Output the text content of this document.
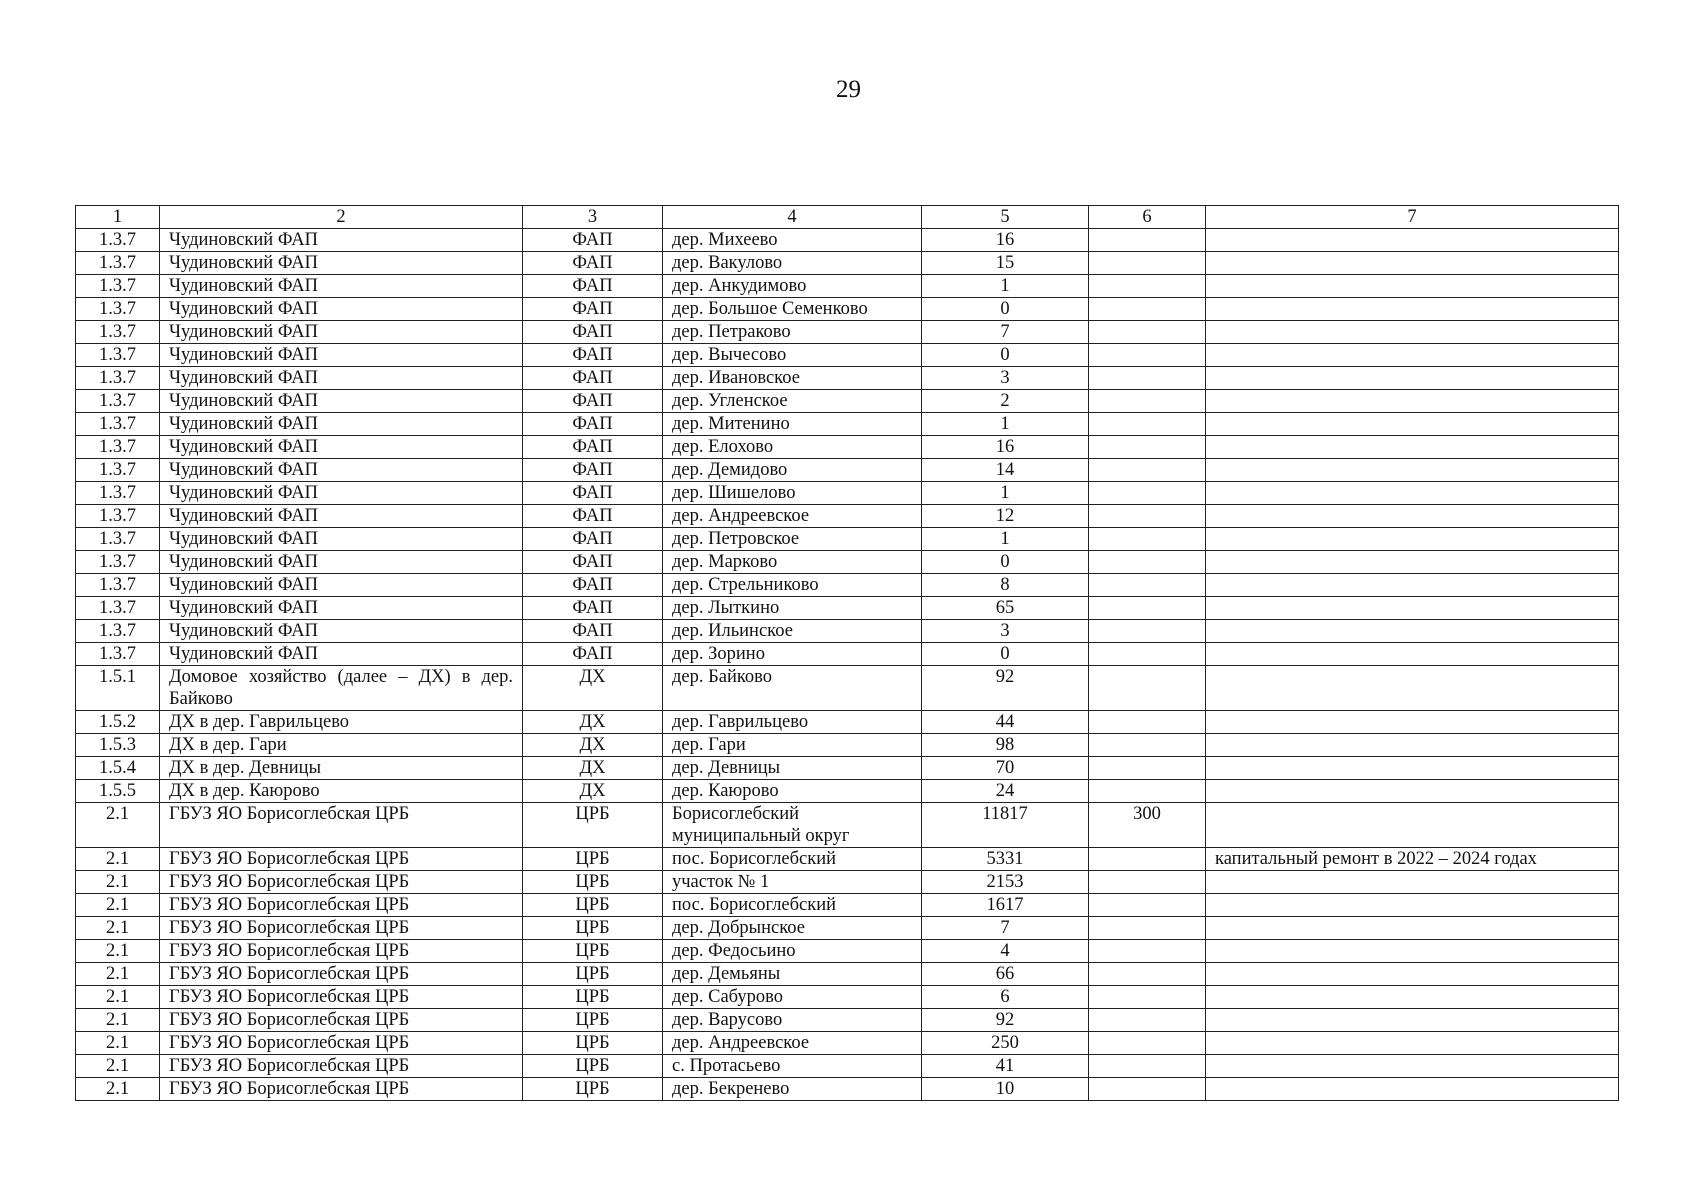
29
1	2	3	4	5	6	7
1.3.7	Чудиновский ФАП	ФАП	дер. Михеево	16		
1.3.7	Чудиновский ФАП	ФАП	дер. Вакулово	15		
1.3.7	Чудиновский ФАП	ФАП	дер. Анкудимово	1		
1.3.7	Чудиновский ФАП	ФАП	дер. Большое Семенково	0		
1.3.7	Чудиновский ФАП	ФАП	дер. Петраково	7		
1.3.7	Чудиновский ФАП	ФАП	дер. Вычесово	0		
1.3.7	Чудиновский ФАП	ФАП	дер. Ивановское	3		
1.3.7	Чудиновский ФАП	ФАП	дер. Угленское	2		
1.3.7	Чудиновский ФАП	ФАП	дер. Митенино	1		
1.3.7	Чудиновский ФАП	ФАП	дер. Елохово	16		
1.3.7	Чудиновский ФАП	ФАП	дер. Демидово	14		
1.3.7	Чудиновский ФАП	ФАП	дер. Шишелово	1		
1.3.7	Чудиновский ФАП	ФАП	дер. Андреевское	12		
1.3.7	Чудиновский ФАП	ФАП	дер. Петровское	1		
1.3.7	Чудиновский ФАП	ФАП	дер. Марково	0		
1.3.7	Чудиновский ФАП	ФАП	дер. Стрельниково	8		
1.3.7	Чудиновский ФАП	ФАП	дер. Лыткино	65		
1.3.7	Чудиновский ФАП	ФАП	дер. Ильинское	3		
1.3.7	Чудиновский ФАП	ФАП	дер. Зорино	0		
1.5.1	Домовое хозяйство (далее – ДХ) в дер. Байково	ДХ	дер. Байково	92		
1.5.2	ДХ в дер. Гаврильцево	ДХ	дер. Гаврильцево	44		
1.5.3	ДХ в дер. Гари	ДХ	дер. Гари	98		
1.5.4	ДХ в дер. Девницы	ДХ	дер. Девницы	70		
1.5.5	ДХ в дер. Каюрово	ДХ	дер. Каюрово	24		
2.1	ГБУЗ ЯО Борисоглебская ЦРБ	ЦРБ	Борисоглебский муниципальный округ	11817	300	
2.1	ГБУЗ ЯО Борисоглебская ЦРБ	ЦРБ	пос. Борисоглебский	5331		капитальный ремонт в 2022 – 2024 годах
2.1	ГБУЗ ЯО Борисоглебская ЦРБ	ЦРБ	участок № 1	2153		
2.1	ГБУЗ ЯО Борисоглебская ЦРБ	ЦРБ	пос. Борисоглебский	1617		
2.1	ГБУЗ ЯО Борисоглебская ЦРБ	ЦРБ	дер. Добрынское	7		
2.1	ГБУЗ ЯО Борисоглебская ЦРБ	ЦРБ	дер. Федосьино	4		
2.1	ГБУЗ ЯО Борисоглебская ЦРБ	ЦРБ	дер. Демьяны	66		
2.1	ГБУЗ ЯО Борисоглебская ЦРБ	ЦРБ	дер. Сабурово	6		
2.1	ГБУЗ ЯО Борисоглебская ЦРБ	ЦРБ	дер. Варусово	92		
2.1	ГБУЗ ЯО Борисоглебская ЦРБ	ЦРБ	дер. Андреевское	250		
2.1	ГБУЗ ЯО Борисоглебская ЦРБ	ЦРБ	с. Протасьево	41		
2.1	ГБУЗ ЯО Борисоглебская ЦРБ	ЦРБ	дер. Бекренево	10		
